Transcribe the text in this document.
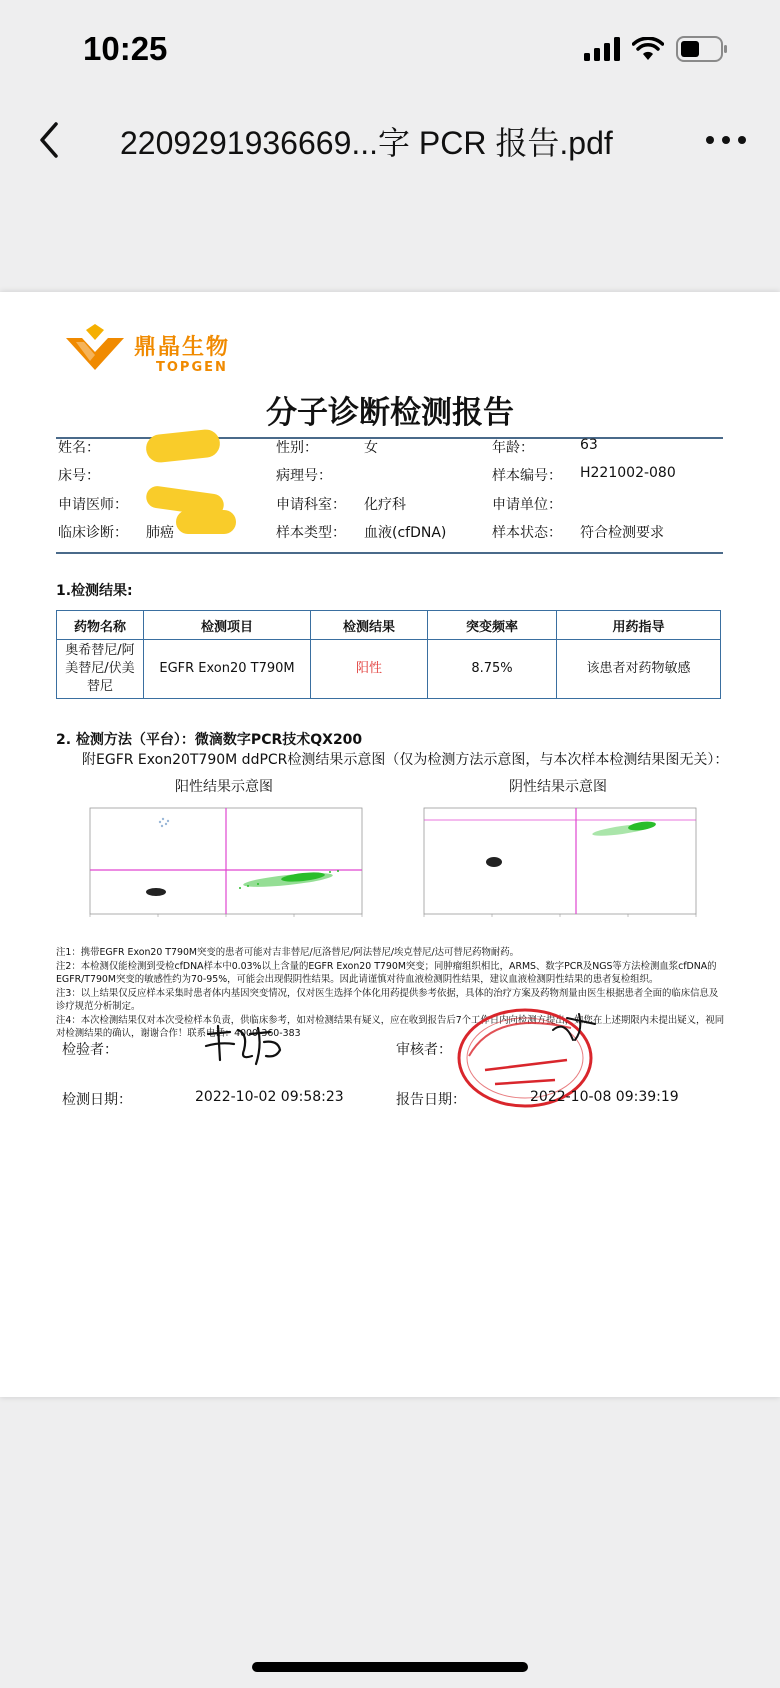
10:25
2209291936669...字 PCR 报告.pdf
鼎晶生物
TOPGEN
分子诊断检测报告
姓名：	性别：	女	年龄：	63
床号：	病理号：	样本编号： H221002-080
申请医师：	申请科室： 化疗科	申请单位：
临床诊断： 肺癌	样本类型： 血液(cfDNA)	样本状态： 符合检测要求
1.检测结果:
药物名称	检测项目	检测结果	突变频率	用药指导

奥希替尼/阿
美替尼/伏美
替尼	EGFR Exon20 T790M	阳性	8.75%	该患者对药物敏感
2. 检测方法（平台）：微滴数字PCR技术QX200
附EGFR Exon20T790M ddPCR检测结果示意图（仅为检测方法示意图，与本次样本检测结果图无关）：
阳性结果示意图	阴性结果示意图

注1：携带EGFR Exon20 T790M突变的患者可能对吉非替尼/厄洛替尼/阿法替尼/埃克替尼/达可替尼药物耐药。

注2：本检测仅能检测到受检cfDNA样本中0.03%以上含量的EGFR Exon20 T790M突变；同肿瘤组织相比，ARMS、数字PCR及NGS等方法检测血浆cfDNA的EGFR/T790M突变的敏感性约为70-95%，可能会出现假阴性结果。因此请谨慎对待血液检测阴性结果，建议血液检测阴性结果的患者复检组织。

注3：以上结果仅反应样本采集时患者体内基因突变情况，仅对医生选择个体化用药提供参考依据，具体的治疗方案及药物剂量由医生根据患者全面的临床信息及诊疗规范分析制定。

注4：本次检测结果仅对本次受检样本负责，供临床参考，如对检测结果有疑义，应在收到报告后7个工作日内向检测方提出，如您在上述期限内未提出疑义，视同对检测结果的确认，谢谢合作！联系电话：4000-360-383

检验者：	审核者：
检测日期：	2022-10-02 09:58:23	报告日期：	2022-10-08 09:39:19
